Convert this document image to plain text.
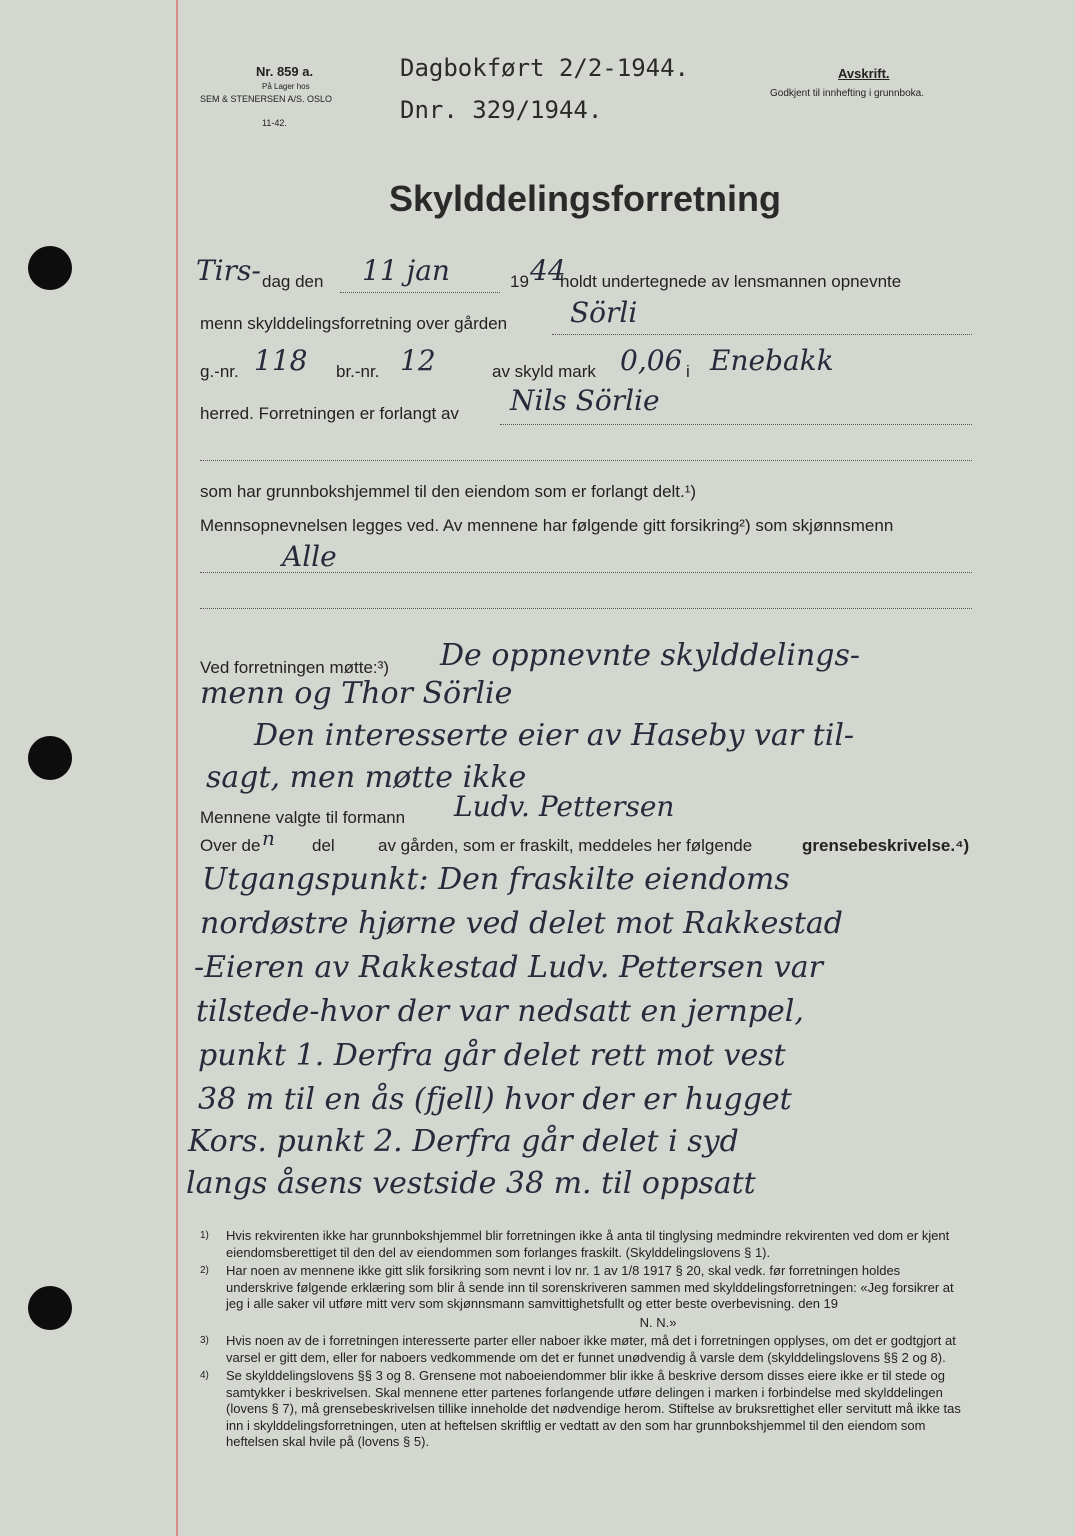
Nr. 859 a.
På Lager hos
SEM & STENERSEN A/S. OSLO
11-42.
Dagbokført 2/2-1944.
Dnr. 329/1944.
Avskrift.
Godkjent til innhefting i grunnboka.
Skylddelingsforretning
Tirs- dag den 11 jan	19 44
holdt undertegnede av lensmannen opnevnte
menn skylddelingsforretning over gården Sörli
g.-nr. 118 br.-nr. 12	av skyld mark 0,06 i Enebakk
herred. Forretningen er forlangt av Nils Sörlie
som har grunnbokshjemmel til den eiendom som er forlangt delt.¹)
Mennsopnevnelsen legges ved. Av mennene har følgende gitt forsikring²) som skjønnsmenn
Alle
Ved forretningen møtte:³) De oppnevnte skylddelings-
menn og Thor Sörlie
Den interesserte eier av Haseby var til-
sagt, men møtte ikke
Mennene valgte til formann Ludv. Pettersen
Over de n del	av gården, som er fraskilt, meddeles her følgende	grensebeskrivelse.⁴)
Utgangspunkt: Den fraskilte eiendoms
nordøstre hjørne ved delet mot Rakkestad
-Eieren av Rakkestad Ludv. Pettersen var
tilstede-hvor der var nedsatt en jernpel,
punkt 1. Derfra går delet rett mot vest
38 m til en ås (fjell) hvor der er hugget
Kors. punkt 2. Derfra går delet i syd
langs åsens vestside 38 m. til oppsatt
1)	Hvis rekvirenten ikke har grunnbokshjemmel blir forretningen ikke å anta til tinglysing medmindre rekvirenten ved dom er kjent eiendomsberettiget til den del av eiendommen som forlanges fraskilt. (Skylddelingslovens § 1).
2)	Har noen av mennene ikke gitt slik forsikring som nevnt i lov nr. 1 av 1/8 1917 § 20, skal vedk. før forretningen holdes underskrive følgende erklæring som blir å sende inn til sorenskriveren sammen med skylddelingsforretningen: «Jeg forsikrer at jeg i alle saker vil utføre mitt verv som skjønnsmann samvittighetsfullt og etter beste overbevisning. den 19
N. N.»
3)	Hvis noen av de i forretningen interesserte parter eller naboer ikke møter, må det i forretningen opplyses, om det er godtgjort at varsel er gitt dem, eller for naboers vedkommende om det er funnet unødvendig å varsle dem (skylddelingslovens §§ 2 og 8).
4)	Se skylddelingslovens §§ 3 og 8. Grensene mot naboeiendommer blir ikke å beskrive dersom disses eiere ikke er til stede og samtykker i beskrivelsen. Skal mennene etter partenes forlangende utføre delingen i marken i forbindelse med skylddelingen (lovens § 7), må grensebeskrivelsen tillike inneholde det nødvendige herom. Stiftelse av bruksrettighet eller servitutt må ikke tas inn i skylddelingsforretningen, uten at heftelsen skriftlig er vedtatt av den som har grunnbokshjemmel til den eiendom som heftelsen skal hvile på (lovens § 5).
